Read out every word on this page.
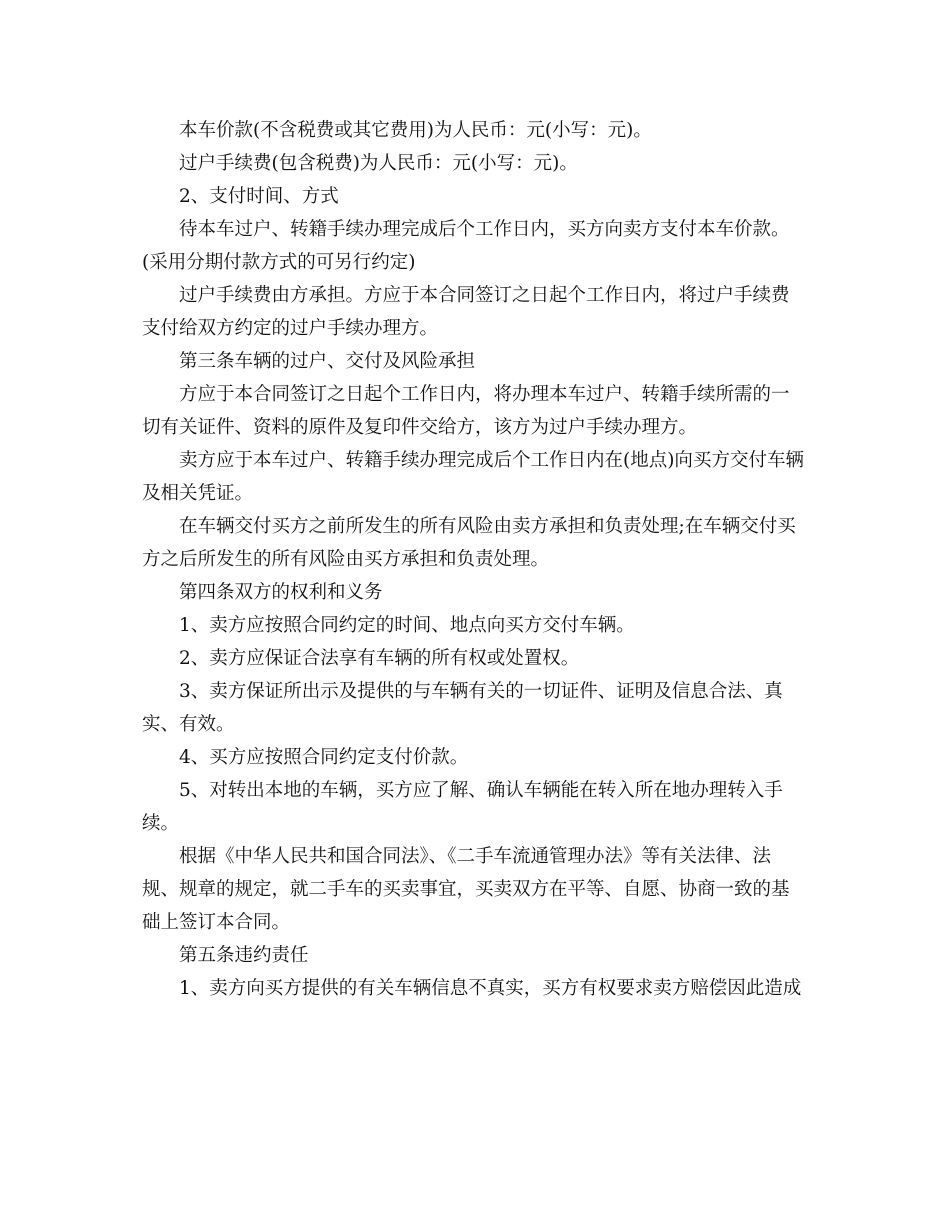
本车价款(不含税费或其它费用)为人民币：元(小写：元)。

过户手续费(包含税费)为人民币：元(小写：元)。

2、支付时间、方式

待本车过户、转籍手续办理完成后个工作日内，买方向卖方支付本车价款。(采用分期付款方式的可另行约定)

过户手续费由方承担。方应于本合同签订之日起个工作日内，将过户手续费支付给双方约定的过户手续办理方。

第三条车辆的过户、交付及风险承担

方应于本合同签订之日起个工作日内，将办理本车过户、转籍手续所需的一切有关证件、资料的原件及复印件交给方，该方为过户手续办理方。

卖方应于本车过户、转籍手续办理完成后个工作日内在(地点)向买方交付车辆及相关凭证。

在车辆交付买方之前所发生的所有风险由卖方承担和负责处理;在车辆交付买方之后所发生的所有风险由买方承担和负责处理。

第四条双方的权利和义务

1、卖方应按照合同约定的时间、地点向买方交付车辆。

2、卖方应保证合法享有车辆的所有权或处置权。

3、卖方保证所出示及提供的与车辆有关的一切证件、证明及信息合法、真实、有效。

4、买方应按照合同约定支付价款。

5、对转出本地的车辆，买方应了解、确认车辆能在转入所在地办理转入手续。

根据《中华人民共和国合同法》、《二手车流通管理办法》等有关法律、法规、规章的规定，就二手车的买卖事宜，买卖双方在平等、自愿、协商一致的基础上签订本合同。

第五条违约责任

1、卖方向买方提供的有关车辆信息不真实，买方有权要求卖方赔偿因此造成
